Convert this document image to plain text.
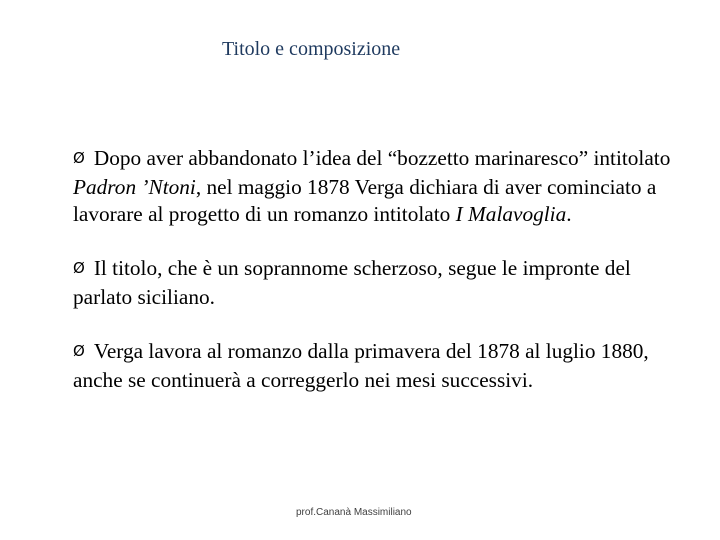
Titolo e composizione

Ø Dopo aver abbandonato l’idea del “bozzetto marinaresco” intitolato Padron ’Ntoni, nel maggio 1878 Verga dichiara di aver cominciato a lavorare al progetto di un romanzo intitolato I Malavoglia.

Ø Il titolo, che è un soprannome scherzoso, segue le impronte del parlato siciliano.

Ø Verga lavora al romanzo dalla primavera del 1878 al luglio 1880, anche se continuerà a correggerlo nei mesi successivi.

prof.Cananà Massimiliano
